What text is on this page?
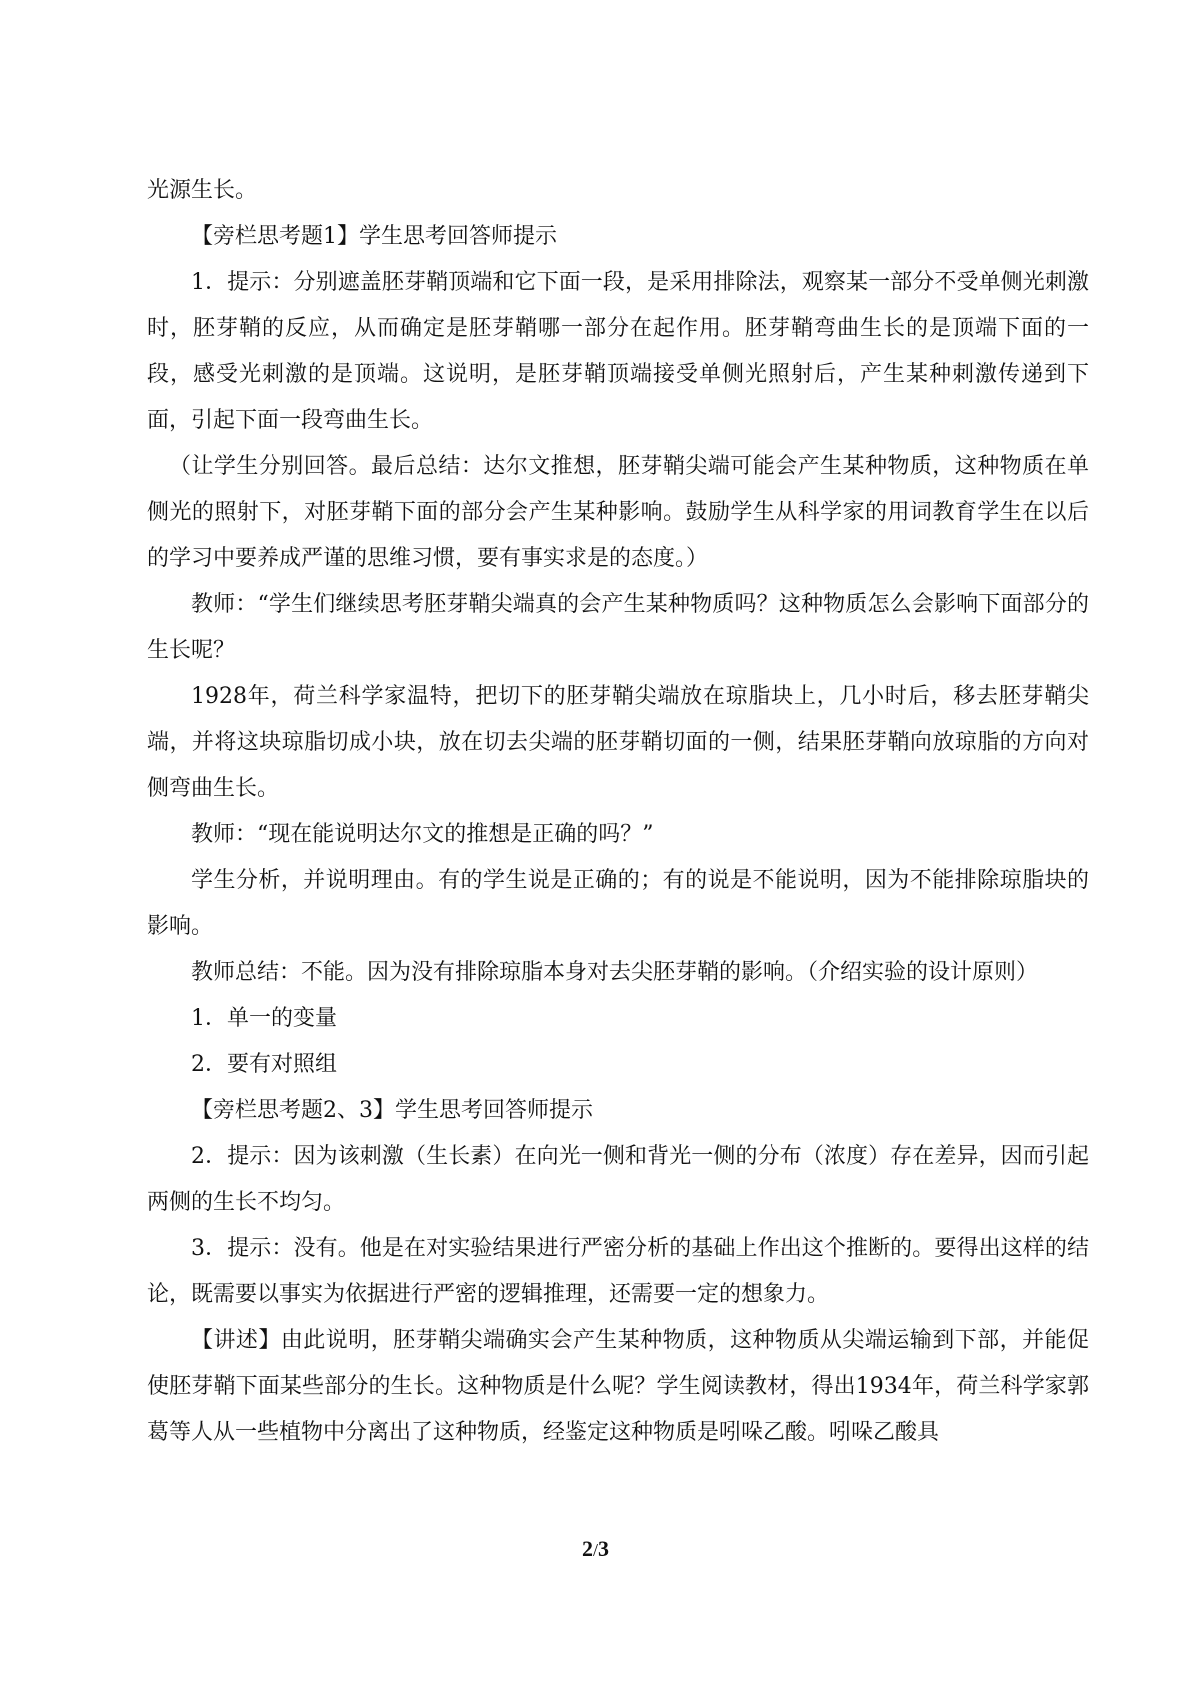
光源生长。

【旁栏思考题1】学生思考回答师提示

1．提示：分别遮盖胚芽鞘顶端和它下面一段，是采用排除法，观察某一部分不受单侧光刺激时，胚芽鞘的反应，从而确定是胚芽鞘哪一部分在起作用。胚芽鞘弯曲生长的是顶端下面的一段，感受光刺激的是顶端。这说明，是胚芽鞘顶端接受单侧光照射后，产生某种刺激传递到下面，引起下面一段弯曲生长。

（让学生分别回答。最后总结：达尔文推想，胚芽鞘尖端可能会产生某种物质，这种物质在单侧光的照射下，对胚芽鞘下面的部分会产生某种影响。鼓励学生从科学家的用词教育学生在以后的学习中要养成严谨的思维习惯，要有事实求是的态度。）

教师：“学生们继续思考胚芽鞘尖端真的会产生某种物质吗？这种物质怎么会影响下面部分的生长呢？

1928年，荷兰科学家温特，把切下的胚芽鞘尖端放在琼脂块上，几小时后，移去胚芽鞘尖端，并将这块琼脂切成小块，放在切去尖端的胚芽鞘切面的一侧，结果胚芽鞘向放琼脂的方向对侧弯曲生长。

教师：“现在能说明达尔文的推想是正确的吗？”

学生分析，并说明理由。有的学生说是正确的；有的说是不能说明，因为不能排除琼脂块的影响。

教师总结：不能。因为没有排除琼脂本身对去尖胚芽鞘的影响。（介绍实验的设计原则）

1．单一的变量

2．要有对照组

【旁栏思考题2、3】学生思考回答师提示

2．提示：因为该刺激（生长素）在向光一侧和背光一侧的分布（浓度）存在差异，因而引起两侧的生长不均匀。

3．提示：没有。他是在对实验结果进行严密分析的基础上作出这个推断的。要得出这样的结论，既需要以事实为依据进行严密的逻辑推理，还需要一定的想象力。

【讲述】由此说明，胚芽鞘尖端确实会产生某种物质，这种物质从尖端运输到下部，并能促使胚芽鞘下面某些部分的生长。这种物质是什么呢？学生阅读教材，得出1934年，荷兰科学家郭葛等人从一些植物中分离出了这种物质，经鉴定这种物质是吲哚乙酸。吲哚乙酸具

2/3
